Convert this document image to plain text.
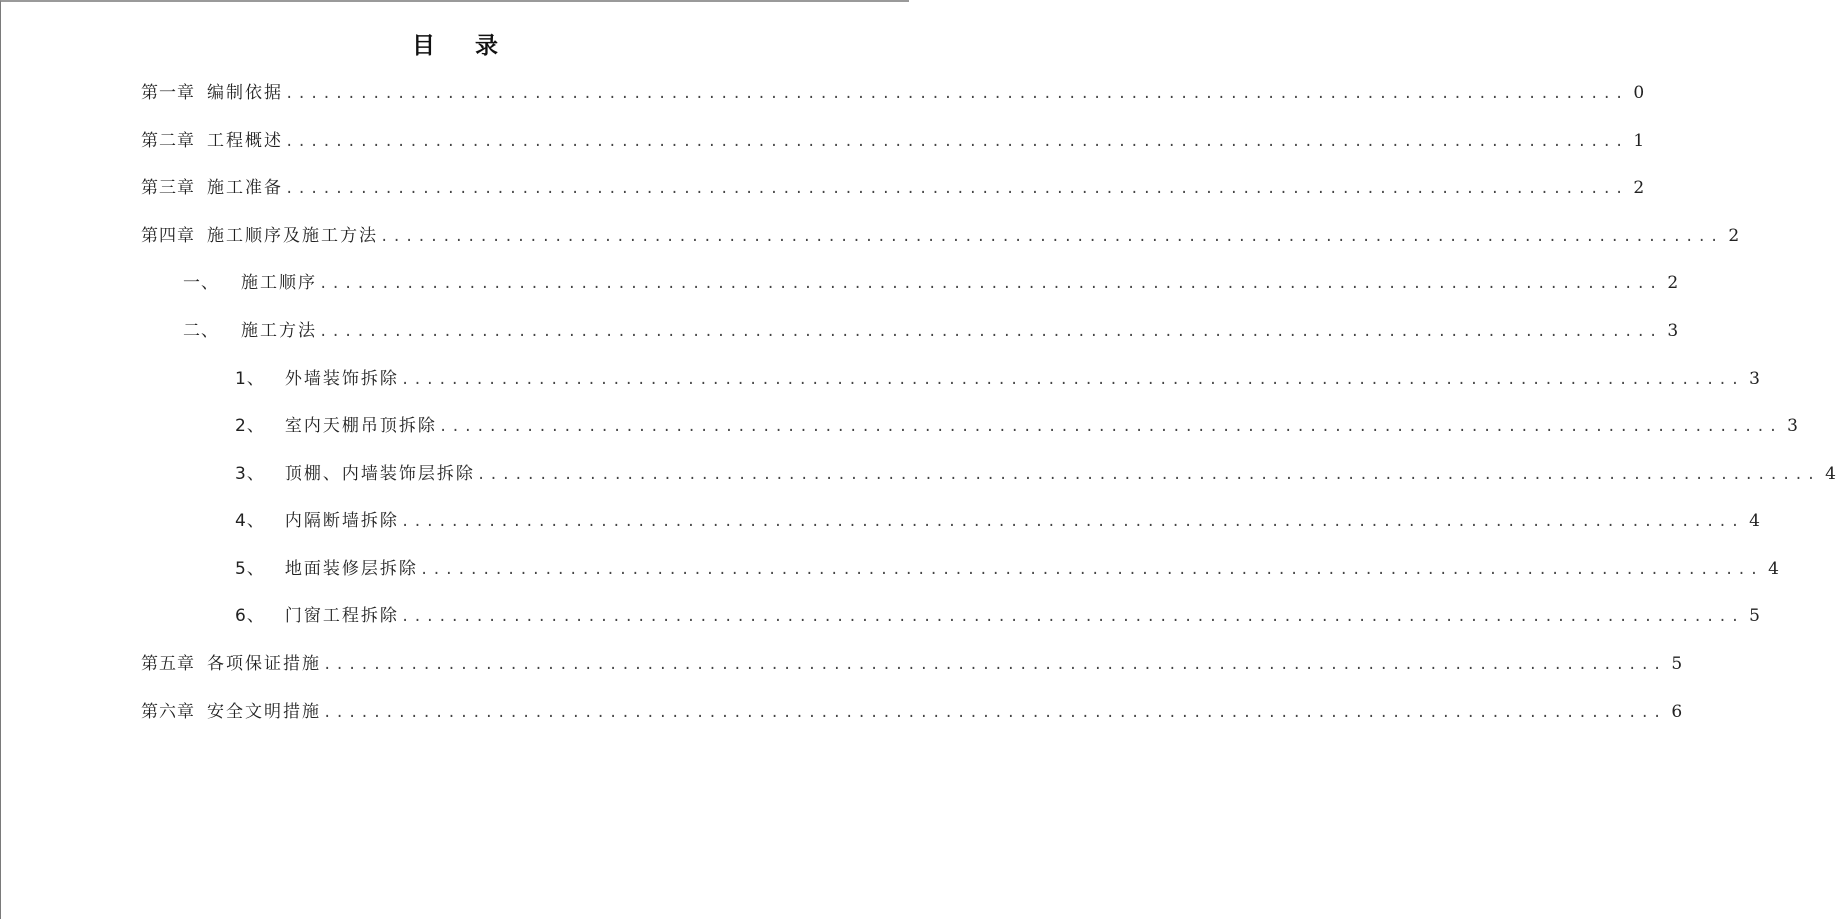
目 录
第一章 编制依据 ............................................................................................................ 0
第二章 工程概述 ............................................................................................................ 1
第三章 施工准备 ............................................................................................................ 2
第四章 施工顺序及施工方法 ............................................................................................................ 2
一、 施工顺序 ............................................................................................................ 2
二、 施工方法 ............................................................................................................ 3
1、 外墙装饰拆除 ............................................................................................................ 3
2、 室内天棚吊顶拆除 ............................................................................................................ 3
3、 顶棚、内墙装饰层拆除 ............................................................................................................ 4
4、 内隔断墙拆除 ............................................................................................................ 4
5、 地面装修层拆除 ............................................................................................................ 4
6、 门窗工程拆除 ............................................................................................................ 5
第五章 各项保证措施 ............................................................................................................ 5
第六章 安全文明措施 ............................................................................................................ 6
